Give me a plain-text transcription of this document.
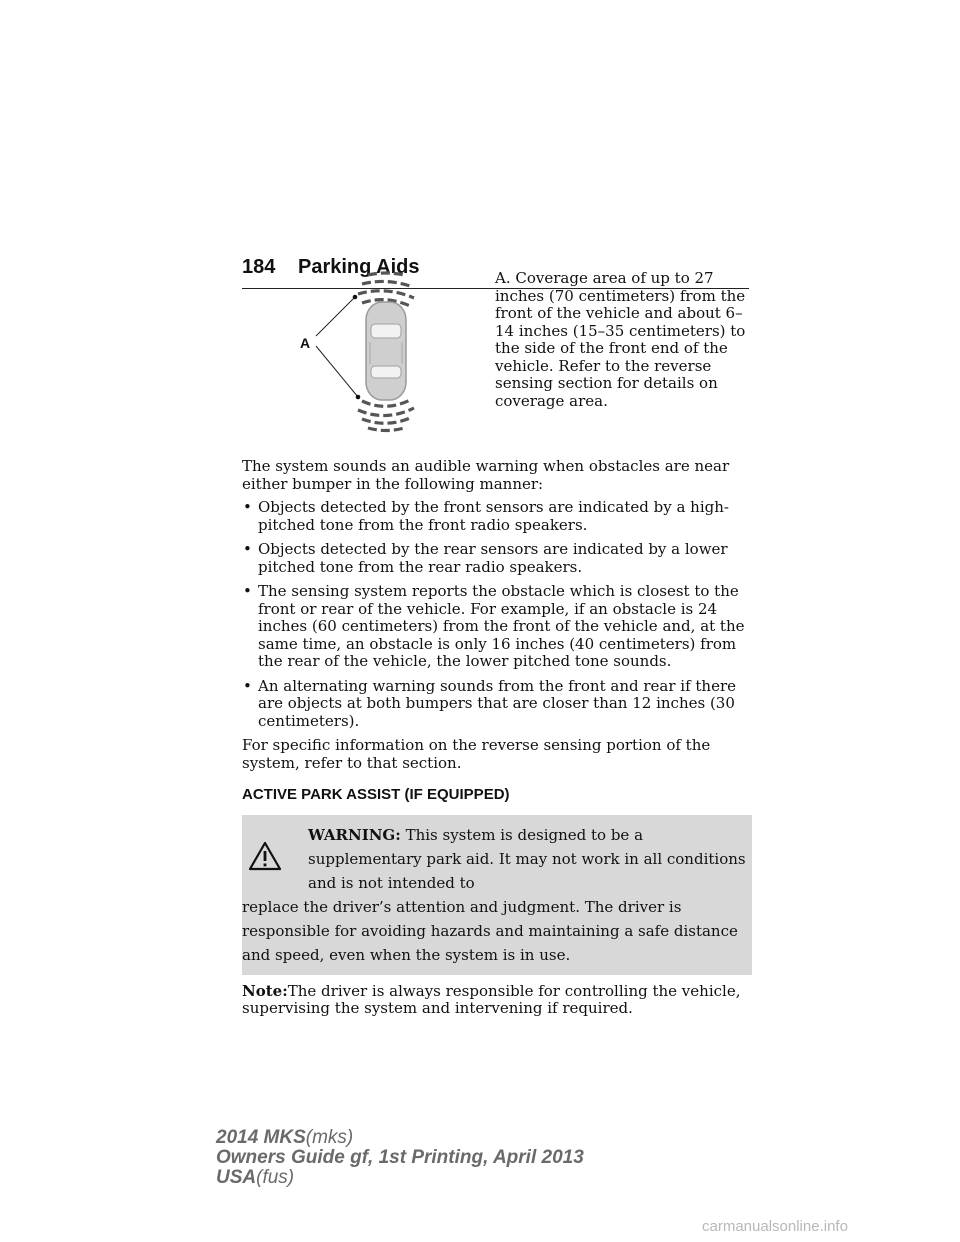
184 Parking Aids
A
A. Coverage area of up to 27 inches (70 centimeters) from the front of the vehicle and about 6–14 inches (15–35 centimeters) to the side of the front end of the vehicle. Refer to the reverse sensing section for details on coverage area.

The system sounds an audible warning when obstacles are near either bumper in the following manner:

• Objects detected by the front sensors are indicated by a high-pitched tone from the front radio speakers.
• Objects detected by the rear sensors are indicated by a lower pitched tone from the rear radio speakers.
• The sensing system reports the obstacle which is closest to the front or rear of the vehicle. For example, if an obstacle is 24 inches (60 centimeters) from the front of the vehicle and, at the same time, an obstacle is only 16 inches (40 centimeters) from the rear of the vehicle, the lower pitched tone sounds.
• An alternating warning sounds from the front and rear if there are objects at both bumpers that are closer than 12 inches (30 centimeters).

For specific information on the reverse sensing portion of the system, refer to that section.

ACTIVE PARK ASSIST (IF EQUIPPED)

WARNING: This system is designed to be a supplementary park aid. It may not work in all conditions and is not intended to
replace the driver’s attention and judgment. The driver is responsible for avoiding hazards and maintaining a safe distance and speed, even when the system is in use.

Note:The driver is always responsible for controlling the vehicle, supervising the system and intervening if required.

2014 MKS(mks)
Owners Guide gf, 1st Printing, April 2013
USA(fus)
carmanualsonline.info
